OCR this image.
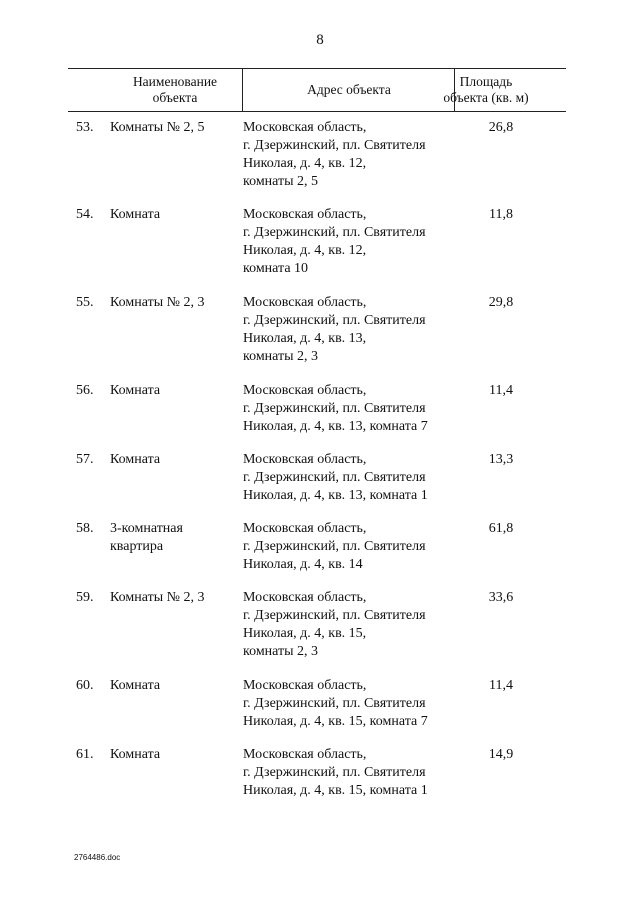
8
Наименование
объекта
Адрес объекта
Площадь
объекта (кв. м)
53.	Комнаты № 2, 5	Московская область,
г. Дзержинский, пл. Святителя
Николая, д. 4, кв. 12,
комнаты 2, 5
26,8
54.	Комната	Московская область,
г. Дзержинский, пл. Святителя
Николая, д. 4, кв. 12,
комната 10
11,8
55.	Комнаты № 2, 3	Московская область,
г. Дзержинский, пл. Святителя
Николая, д. 4, кв. 13,
комнаты 2, 3
29,8
56.	Комната	Московская область,
г. Дзержинский, пл. Святителя
Николая, д. 4, кв. 13, комната 7
11,4
57.	Комната	Московская область,
г. Дзержинский, пл. Святителя
Николая, д. 4, кв. 13, комната 1
13,3
58.	3-комнатная
квартира
Московская область,
г. Дзержинский, пл. Святителя
Николая, д. 4, кв. 14
61,8
59.	Комнаты № 2, 3	Московская область,
г. Дзержинский, пл. Святителя
Николая, д. 4, кв. 15,
комнаты 2, 3
33,6
60.	Комната	Московская область,
г. Дзержинский, пл. Святителя
Николая, д. 4, кв. 15, комната 7
11,4
61.	Комната	Московская область,
г. Дзержинский, пл. Святителя
Николая, д. 4, кв. 15, комната 1
14,9
2764486.doc
